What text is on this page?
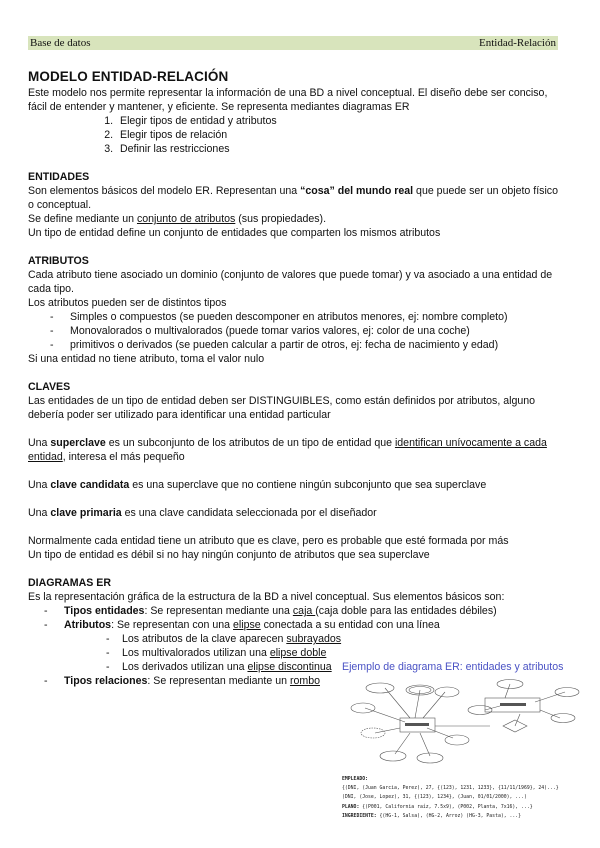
Base de datos	Entidad-Relación
MODELO ENTIDAD-RELACIÓN

Este modelo nos permite representar la información de una BD a nivel conceptual. El diseño debe ser conciso, fácil de entender y mantener, y eficiente. Se representa mediantes diagramas ER

1. Elegir tipos de entidad y atributos
2. Elegir tipos de relación
3. Definir las restricciones
ENTIDADES

Son elementos básicos del modelo ER. Representan una “cosa” del mundo real que puede ser un objeto físico o conceptual.

Se define mediante un conjunto de atributos (sus propiedades).

Un tipo de entidad define un conjunto de entidades que comparten los mismos atributos

ATRIBUTOS

Cada atributo tiene asociado un dominio (conjunto de valores que puede tomar) y va asociado a una entidad de cada tipo.

Los atributos pueden ser de distintos tipos

- Simples o compuestos (se pueden descomponer en atributos menores, ej: nombre completo)
- Monovalorados o multivalorados (puede tomar varios valores, ej: color de una coche)
- primitivos o derivados (se pueden calcular a partir de otros, ej: fecha de nacimiento y edad)

Si una entidad no tiene atributo, toma el valor nulo

CLAVES

Las entidades de un tipo de entidad deben ser DISTINGUIBLES, como están definidos por atributos, alguno debería poder ser utilizado para identificar una entidad particular

Una superclave es un subconjunto de los atributos de un tipo de entidad que identifican unívocamente a cada entidad, interesa el más pequeño

Una clave candidata es una superclave que no contiene ningún subconjunto que sea superclave

Una clave primaria es una clave candidata seleccionada por el diseñador

Normalmente cada entidad tiene un atributo que es clave, pero es probable que esté formada por más

Un tipo de entidad es débil si no hay ningún conjunto de atributos que sea superclave

DIAGRAMAS ER

Es la representación gráfica de la estructura de la BD a nivel conceptual. Sus elementos básicos son:

- Tipos entidades: Se representan mediante una caja (caja doble para las entidades débiles)
- Atributos: Se representan con una elipse conectada a su entidad con una línea
- Los atributos de la clave aparecen subrayados
- Los multivalorados utilizan una elipse doble
- Los derivados utilizan una elipse discontinua
- Tipos relaciones: Se representan mediante un rombo
Ejemplo de diagrama ER: entidades y atributos
EMPLEADO:
{(DNI, (Juan Garcia, Perez), 27, {(123), 1231, 1233}, {11/11/1969}, 24)...}
(DNI, (Jose, Lopez), 31, {(123), 1234}, (Juan, 01/01/2000), ...)
PLANO: {(P001, California raíz, 7.5x9), (P002, Planta, 7x16), ...}
INGREDIENTE: {(HG-1, Salsa), (HG-2, Arroz) (HG-3, Pasta), ...}
